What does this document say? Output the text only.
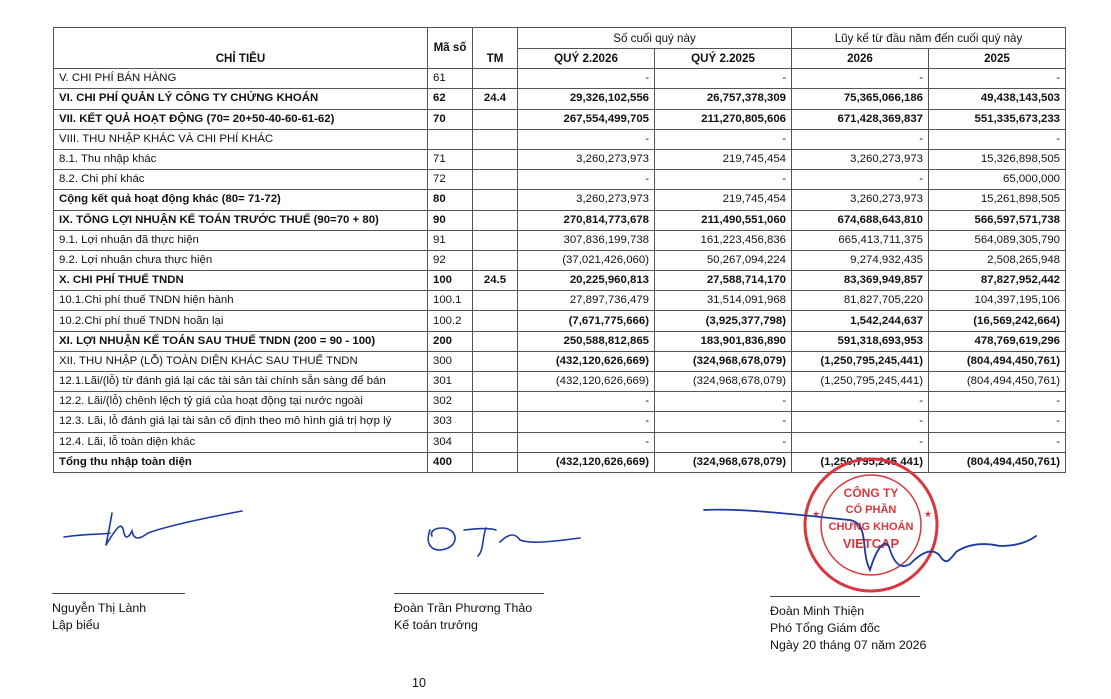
CHỈ TIÊU	Mã số	TM	Số cuối quý này		Lũy kế từ đầu năm đến cuối quý này	
			QUÝ 2.2026	QUÝ 2.2025	2026	2025
V. CHI PHÍ BÁN HÀNG	61		-	-	-	-
VI. CHI PHÍ QUẢN LÝ CÔNG TY CHỨNG KHOÁN	62	24.4	29,326,102,556	26,757,378,309	75,365,066,186	49,438,143,503
VII. KẾT QUẢ HOẠT ĐỘNG (70= 20+50-40-60-61-62)	70		267,554,499,705	211,270,805,606	671,428,369,837	551,335,673,233
VIII. THU NHẬP KHÁC VÀ CHI PHÍ KHÁC			-	-	-	-
8.1. Thu nhập khác	71		3,260,273,973	219,745,454	3,260,273,973	15,326,898,505
8.2. Chi phí khác	72		-	-	-	65,000,000
Cộng kết quả hoạt động khác (80= 71-72)	80		3,260,273,973	219,745,454	3,260,273,973	15,261,898,505
IX. TỔNG LỢI NHUẬN KẾ TOÁN TRƯỚC THUẾ (90=70 + 80)	90		270,814,773,678	211,490,551,060	674,688,643,810	566,597,571,738
9.1. Lợi nhuận đã thực hiện	91		307,836,199,738	161,223,456,836	665,413,711,375	564,089,305,790
9.2. Lợi nhuận chưa thực hiện	92		(37,021,426,060)	50,267,094,224	9,274,932,435	2,508,265,948
X. CHI PHÍ THUẾ TNDN	100	24.5	20,225,960,813	27,588,714,170	83,369,949,857	87,827,952,442
10.1.Chi phí thuế TNDN hiện hành	100.1		27,897,736,479	31,514,091,968	81,827,705,220	104,397,195,106
10.2.Chi phí thuế TNDN hoãn lại	100.2		(7,671,775,666)	(3,925,377,798)	1,542,244,637	(16,569,242,664)
XI. LỢI NHUẬN KẾ TOÁN SAU THUẾ TNDN (200 = 90 - 100)	200		250,588,812,865	183,901,836,890	591,318,693,953	478,769,619,296
XII. THU NHẬP (LỖ) TOÀN DIỆN KHÁC SAU THUẾ TNDN	300		(432,120,626,669)	(324,968,678,079)	(1,250,795,245,441)	(804,494,450,761)
12.1.Lãi/(lỗ) từ đánh giá lại các tài sản tài chính sẵn sàng để bán	301		(432,120,626,669)	(324,968,678,079)	(1,250,795,245,441)	(804,494,450,761)
12.2. Lãi/(lỗ) chênh lệch tỷ giá của hoạt động tại nước ngoài	302		-	-	-	-
12.3. Lãi, lỗ đánh giá lại tài sản cố định theo mô hình giá trị hợp lý	303		-	-	-	-
12.4. Lãi, lỗ toàn diện khác	304		-	-	-	-
Tổng thu nhập toàn diện	400		(432,120,626,669)	(324,968,678,079)	(1,250,795,245,441)	(804,494,450,761)
CÔNG TY
CỔ PHẦN
CHỨNG KHOÁN
VIETCAP
★	★
Nguyễn Thị Lành
Lập biểu
Đoàn Trần Phương Thảo
Kế toán trưởng
Đoàn Minh Thiện
Phó Tổng Giám đốc
Ngày 20 tháng 07 năm 2026
10
